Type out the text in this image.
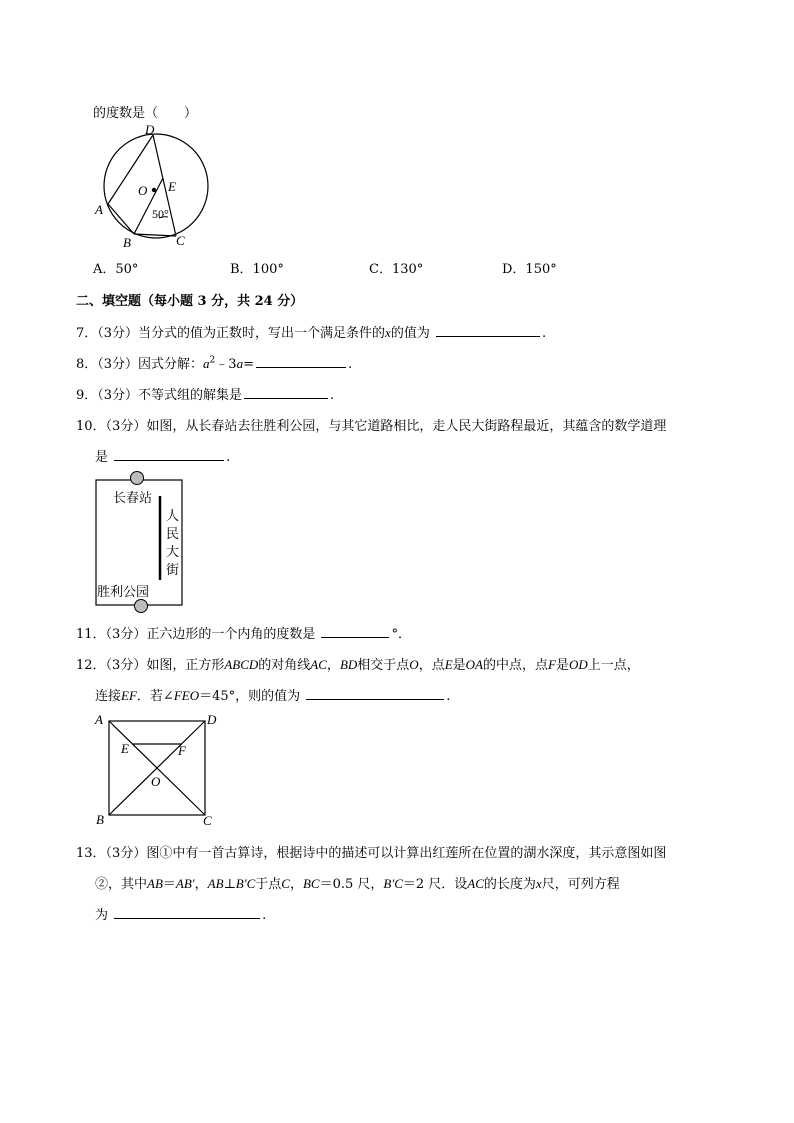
的度数是（　　）
D
O E
A
B	C
50°
A．50°	B．100°	C．130°	D．150°
二、填空题（每小题 3 分，共 24 分）
7．（3分）当分式的值为正数时，写出一个满足条件的x的值为	.
8．（3分）因式分解：$a^2﹣3a=$	.
9．（3分）不等式组的解集是	.
10．（3分）如图，从长春站去往胜利公园，与其它道路相比，走人民大街路程最近，其蕴含的数学道理
是	.
长春站
人
民
大
街
胜利公园
11．（3分）正六边形的一个内角的度数是	°．
12．（3分）如图，正方形ABCD的对角线AC，BD相交于点O，点E是OA的中点，点F是OD上一点，
连接EF．若∠FEO＝45°，则的值为	.
A	D
E	F
O
B	C
13．（3分）图①中有一首古算诗，根据诗中的描述可以计算出红莲所在位置的湖水深度，其示意图如图
②，其中AB＝AB′，AB⊥B′C于点C，BC＝0.5 尺，B′C＝2 尺．设AC的长度为x尺，可列方程
为	.
